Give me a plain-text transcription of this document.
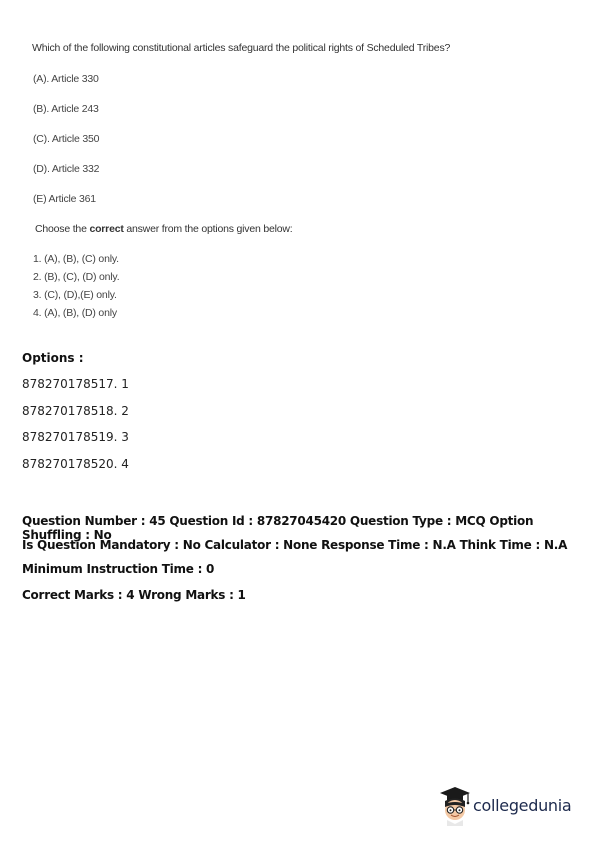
Which of the following constitutional articles safeguard the political rights of Scheduled Tribes?
(A). Article 330
(B). Article 243
(C). Article 350
(D). Article 332
(E) Article 361
Choose the correct answer from the options given below:
1. (A), (B), (C) only.
2. (B), (C), (D) only.
3. (C), (D),(E) only.
4. (A), (B), (D) only
Options :
878270178517. 1
878270178518. 2
878270178519. 3
878270178520. 4
Question Number : 45 Question Id : 87827045420 Question Type : MCQ Option Shuffling : No
Is Question Mandatory : No Calculator : None Response Time : N.A Think Time : N.A
Minimum Instruction Time : 0
Correct Marks : 4 Wrong Marks : 1
collegedunia
